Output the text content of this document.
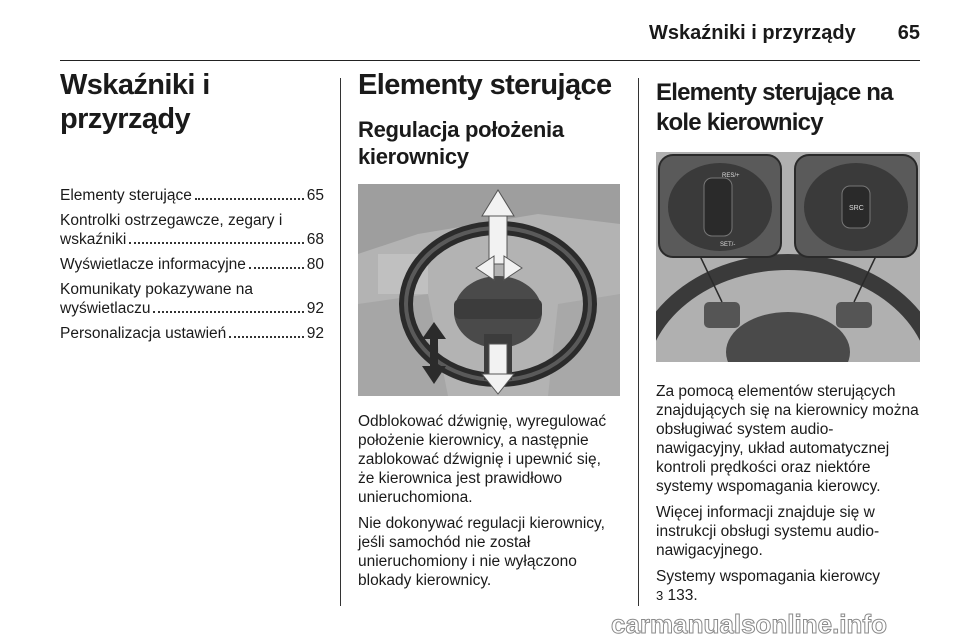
Wskaźniki i przyrządy 65
Wskaźniki i przyrządy
Elementy sterujące	65
Kontrolki ostrzegawcze, zegary i
wskaźniki	68
Wyświetlacze informacyjne	80
Komunikaty pokazywane na
wyświetlaczu	92
Personalizacja ustawień	92
Elementy sterujące
Regulacja położenia kierownicy

Odblokować dźwignię, wyregulować położenie kierownicy, a następnie zablokować dźwignię i upewnić się, że kierownica jest prawidłowo unieruchomiona.

Nie dokonywać regulacji kierownicy, jeśli samochód nie został unieruchomiony i nie wyłączono blokady kierownicy.

Elementy sterujące na kole kierownicy
RES/+
SET/-
SRC

Za pomocą elementów sterujących znajdujących się na kierownicy można obsługiwać system audio-nawigacyjny, układ automatycznej kontroli prędkości oraz niektóre systemy wspomagania kierowcy.

Więcej informacji znajduje się w instrukcji obsługi systemu audio-nawigacyjnego.

Systemy wspomagania kierowcy
3 133.

carmanualsonline.info
